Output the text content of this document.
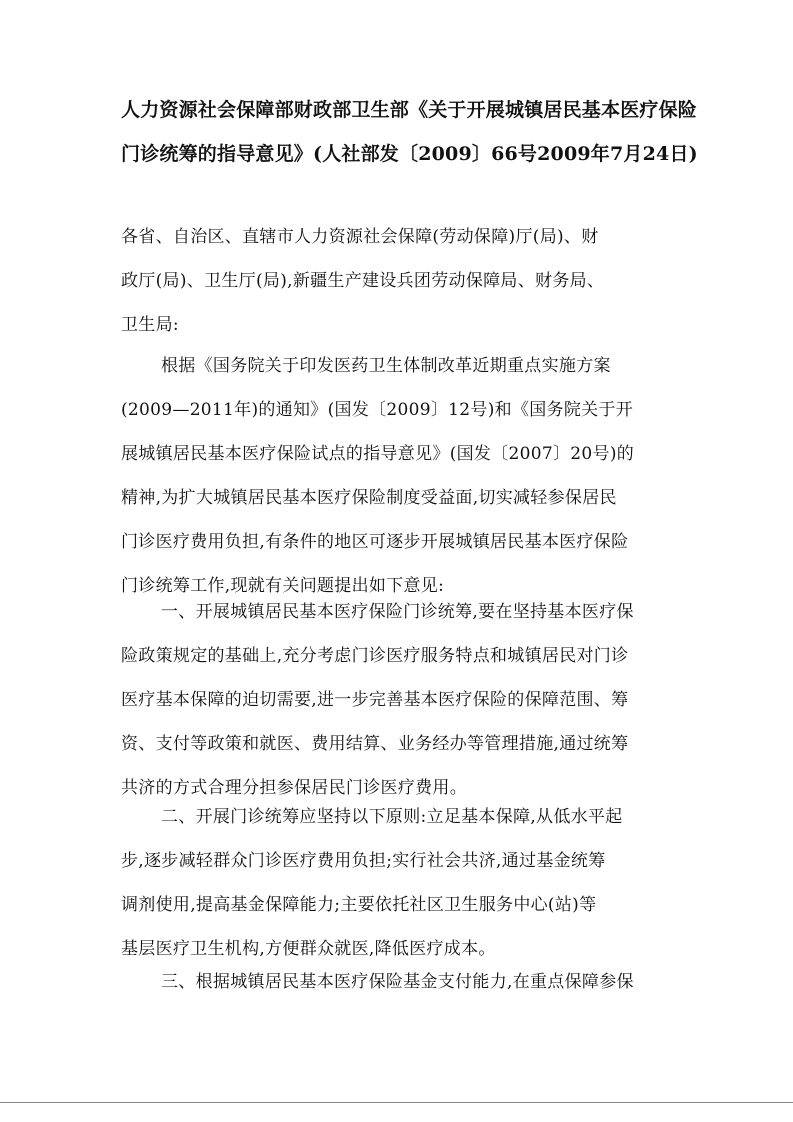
人力资源社会保障部财政部卫生部《关于开展城镇居民基本医疗保险
门诊统筹的指导意见》(人社部发〔2009〕66号2009年7月24日)
各省、自治区、直辖市人力资源社会保障(劳动保障)厅(局)、财
政厅(局)、卫生厅(局),新疆生产建设兵团劳动保障局、财务局、
卫生局:
根据《国务院关于印发医药卫生体制改革近期重点实施方案
(2009—2011年)的通知》(国发〔2009〕12号)和《国务院关于开
展城镇居民基本医疗保险试点的指导意见》(国发〔2007〕20号)的
精神,为扩大城镇居民基本医疗保险制度受益面,切实减轻参保居民
门诊医疗费用负担,有条件的地区可逐步开展城镇居民基本医疗保险
门诊统筹工作,现就有关问题提出如下意见:
一、开展城镇居民基本医疗保险门诊统筹,要在坚持基本医疗保
险政策规定的基础上,充分考虑门诊医疗服务特点和城镇居民对门诊
医疗基本保障的迫切需要,进一步完善基本医疗保险的保障范围、筹
资、支付等政策和就医、费用结算、业务经办等管理措施,通过统筹
共济的方式合理分担参保居民门诊医疗费用。
二、开展门诊统筹应坚持以下原则:立足基本保障,从低水平起
步,逐步减轻群众门诊医疗费用负担;实行社会共济,通过基金统筹
调剂使用,提高基金保障能力;主要依托社区卫生服务中心(站)等
基层医疗卫生机构,方便群众就医,降低医疗成本。
三、根据城镇居民基本医疗保险基金支付能力,在重点保障参保
